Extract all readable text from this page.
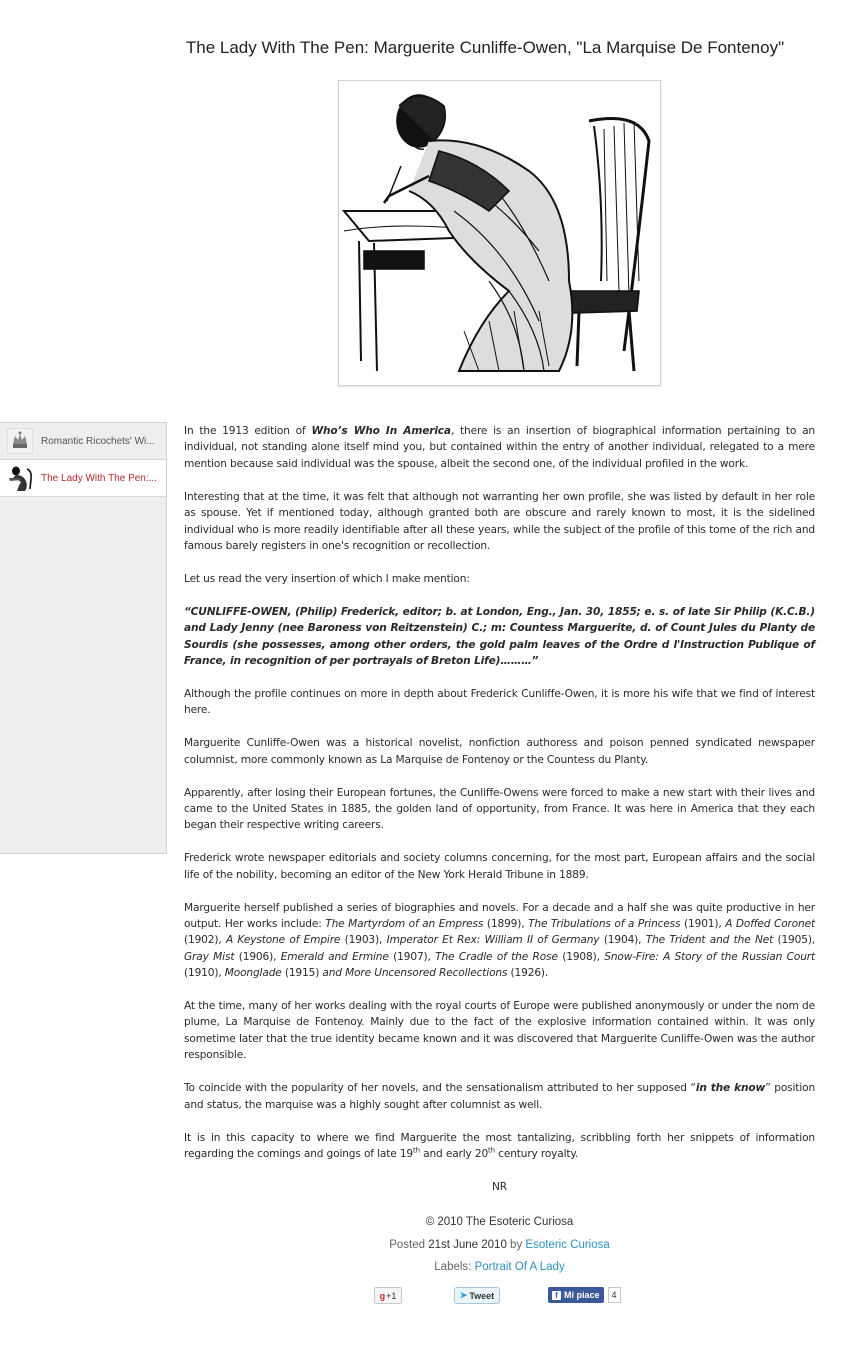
The Lady With The Pen: Marguerite Cunliffe-Owen, "La Marquise De Fontenoy"
Romantic Ricochets' Wi...
The Lady With The Pen:...

In the 1913 edition of Who’s Who In America, there is an insertion of biographical information pertaining to an individual, not standing alone itself mind you, but contained within the entry of another individual, relegated to a mere mention because said individual was the spouse, albeit the second one, of the individual profiled in the work.

Interesting that at the time, it was felt that although not warranting her own profile, she was listed by default in her role as spouse. Yet if mentioned today, although granted both are obscure and rarely known to most, it is the sidelined individual who is more readily identifiable after all these years, while the subject of the profile of this tome of the rich and famous barely registers in one's recognition or recollection.

Let us read the very insertion of which I make mention:

“CUNLIFFE-OWEN, (Philip) Frederick, editor; b. at London, Eng., Jan. 30, 1855; e. s. of late Sir Philip (K.C.B.) and Lady Jenny (nee Baroness von Reitzenstein) C.; m: Countess Marguerite, d. of Count Jules du Planty de Sourdis (she possesses, among other orders, the gold palm leaves of the Ordre d l'Instruction Publique of France, in recognition of per portrayals of Breton Life)………”

Although the profile continues on more in depth about Frederick Cunliffe-Owen, it is more his wife that we find of interest here.

Marguerite Cunliffe-Owen was a historical novelist, nonfiction authoress and poison penned syndicated newspaper columnist, more commonly known as La Marquise de Fontenoy or the Countess du Planty.

Apparently, after losing their European fortunes, the Cunliffe-Owens were forced to make a new start with their lives and came to the United States in 1885, the golden land of opportunity, from France. It was here in America that they each began their respective writing careers.

Frederick wrote newspaper editorials and society columns concerning, for the most part, European affairs and the social life of the nobility, becoming an editor of the New York Herald Tribune in 1889.

Marguerite herself published a series of biographies and novels. For a decade and a half she was quite productive in her output. Her works include: The Martyrdom of an Empress (1899), The Tribulations of a Princess (1901), A Doffed Coronet (1902), A Keystone of Empire (1903), Imperator Et Rex: William II of Germany (1904), The Trident and the Net (1905), Gray Mist (1906), Emerald and Ermine (1907), The Cradle of the Rose (1908), Snow-Fire: A Story of the Russian Court (1910), Moonglade (1915) and More Uncensored Recollections (1926).

At the time, many of her works dealing with the royal courts of Europe were published anonymously or under the nom de plume, La Marquise de Fontenoy. Mainly due to the fact of the explosive information contained within. It was only sometime later that the true identity became known and it was discovered that Marguerite Cunliffe-Owen was the author responsible.

To coincide with the popularity of her novels, and the sensationalism attributed to her supposed “in the know” position and status, the marquise was a highly sought after columnist as well.

It is in this capacity to where we find Marguerite the most tantalizing, scribbling forth her snippets of information regarding the comings and goings of late 19th and early 20th century royalty.

NR

© 2010 The Esoteric Curiosa
Posted 21st June 2010 by Esoteric Curiosa
Labels: Portrait Of A Lady
g +1	➤ Tweet	f Mi piace	4
